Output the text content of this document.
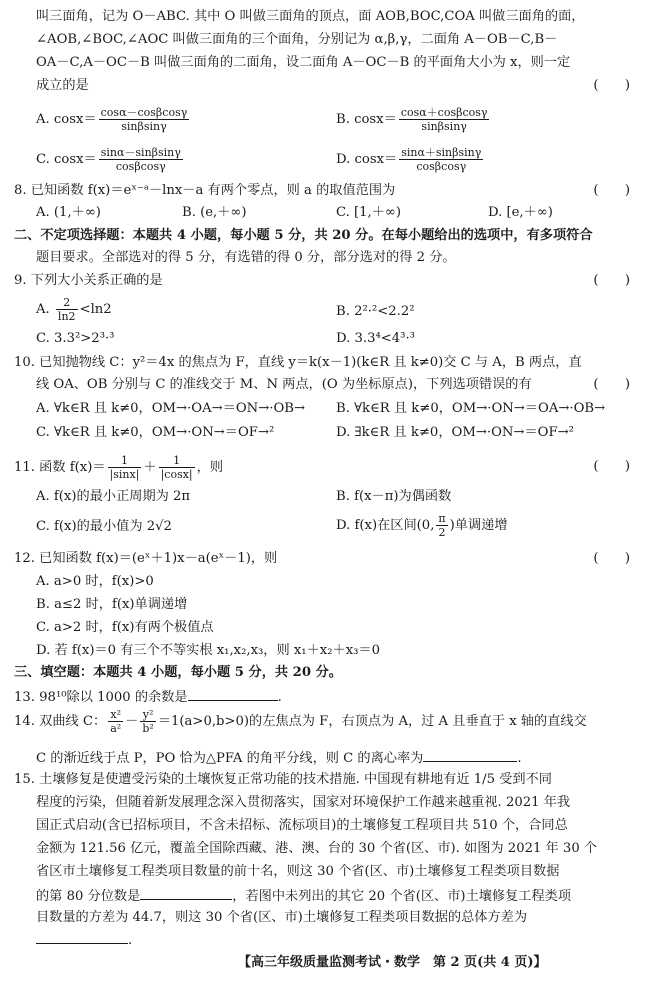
叫三面角，记为 O－ABC. 其中 O 叫做三面角的顶点，面 AOB,BOC,COA 叫做三面角的面，
∠AOB,∠BOC,∠AOC 叫做三面角的三个面角，分别记为 α,β,γ，二面角 A－OB－C,B－
OA－C,A－OC－B 叫做三面角的二面角，设二面角 A－OC－B 的平面角大小为 x，则一定
成立的是	(　　)
A. $\cos x= \frac{\cos\alpha-\cos\beta\cos\gamma}{\sin\beta\sin\gamma}$	B. $\cos x= \frac{\cos\alpha+\cos\beta\cos\gamma}{\sin\beta\sin\gamma}$
C. $\cos x= \frac{\sin\alpha-\sin\beta\sin\gamma}{\cos\beta\cos\gamma}$	D. $\cos x= \frac{\sin\alpha+\sin\beta\sin\gamma}{\cos\beta\cos\gamma}$
8. 已知函数 f(x)＝eˣ⁻ᵃ－lnx－a 有两个零点，则 a 的取值范围为	(　　)
A. (1,＋∞)	B. (e,＋∞)	C. [1,＋∞)	D. [e,＋∞)
二、不定项选择题：本题共 4 小题，每小题 5 分，共 20 分。在每小题给出的选项中，有多项符合
题目要求。全部选对的得 5 分，有选错的得 0 分，部分选对的得 2 分。
9. 下列大小关系正确的是	(　　)
A. $\frac{2}{\ln 2} <\ln 2$	B. 2²·²<2.2²
C. 3.3²>2³·³	D. 3.3⁴<4³·³
10. 已知抛物线 C：y²＝4x 的焦点为 F，直线 y＝k(x－1)(k∈R 且 k≠0)交 C 与 A，B 两点，直
线 OA、OB 分别与 C 的准线交于 M、N 两点，(O 为坐标原点)，下列选项错误的有	(　　)
A. ∀k∈R 且 k≠0，OM→·OA→＝ON→·OB→ B. ∀k∈R 且 k≠0，OM→·ON→＝OA→·OB→
C. ∀k∈R 且 k≠0，OM→·ON→＝OF→²	D. ∃k∈R 且 k≠0，OM→·ON→＝OF→²
11. 函数 $f(x)= \frac{1}{|\sin x|} + \frac{1}{|\cos x|}$ ，则	(　　)
A. f(x)的最小正周期为 2π	B. f(x－π)为偶函数
C. f(x)的最小值为 2√2	D. f(x)在区间(0, $\frac{\pi}{2}$ )单调递增
12. 已知函数 f(x)＝(eˣ＋1)x－a(eˣ－1)，则	(　　)
A. a>0 时，f(x)>0
B. a≤2 时，f(x)单调递增
C. a>2 时，f(x)有两个极值点
D. 若 f(x)＝0 有三个不等实根 x₁,x₂,x₃，则 x₁＋x₂＋x₃＝0
三、填空题：本题共 4 小题，每小题 5 分，共 20 分。
13. 98¹⁰除以 1000 的余数是	.
14. 双曲线 C： $\frac{\text{x²}}{\text{a²}} - \frac{\text{y²}}{\text{b²}} =1(a>0,b>0)$的左焦点为 F，右顶点为 A，过 A 且垂直于 x 轴的直线交
C 的渐近线于点 P，PO 恰为△PFA 的角平分线，则 C 的离心率为	.
15. 土壤修复是使遭受污染的土壤恢复正常功能的技术措施. 中国现有耕地有近 1/5 受到不同
程度的污染，但随着新发展理念深入贯彻落实，国家对环境保护工作越来越重视. 2021 年我
国正式启动(含已招标项目，不含未招标、流标项目)的土壤修复工程项目共 510 个，合同总
金额为 121.56 亿元，覆盖全国除西藏、港、澳、台的 30 个省(区、市). 如图为 2021 年 30 个
省区市土壤修复工程类项目数量的前十名，则这 30 个省(区、市)土壤修复工程类项目数据
的第 80 分位数是	，若图中未列出的其它 20 个省(区、市)土壤修复工程类项
目数量的方差为 44.7，则这 30 个省(区、市)土壤修复工程类项目数据的总体方差为
.
【高三年级质量监测考试・数学　第 2 页(共 4 页)】
